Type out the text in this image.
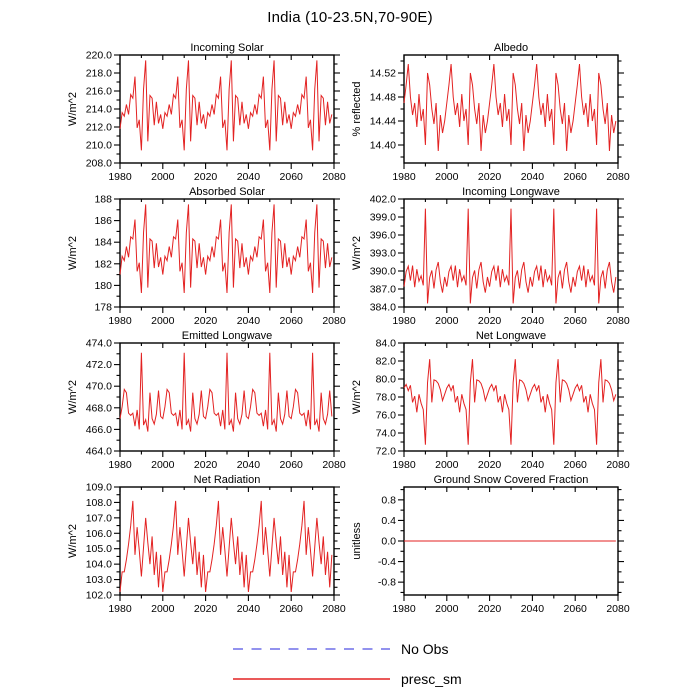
India (10-23.5N,70-90E)
1980 2000 2020 2040 2060 2080
208.0
210.0
212.0
214.0
216.0
218.0
220.0
Incoming Solar
W/m^2
1980 2000 2020 2040 2060 2080
14.40
14.44
14.48
14.52
Albedo
% reflected
1980 2000 2020 2040 2060 2080
178
180
182
184
186
188
Absorbed Solar
W/m^2
1980 2000 2020 2040 2060 2080
384.0
387.0
390.0
393.0
396.0
399.0
402.0
Incoming Longwave
W/m^2
1980 2000 2020 2040 2060 2080
464.0
466.0
468.0
470.0
472.0
474.0
Emitted Longwave
W/m^2
1980 2000 2020 2040 2060 2080
72.0
74.0
76.0
78.0
80.0
82.0
84.0
Net Longwave
W/m^2
1980 2000 2020 2040 2060 2080
102.0
103.0
104.0
105.0
106.0
107.0
108.0
109.0
Net Radiation
W/m^2
1980 2000 2020 2040 2060 2080
-0.8
-0.4
0.0
0.4
0.8
Ground Snow Covered Fraction
unitless
No Obs
presc_sm
